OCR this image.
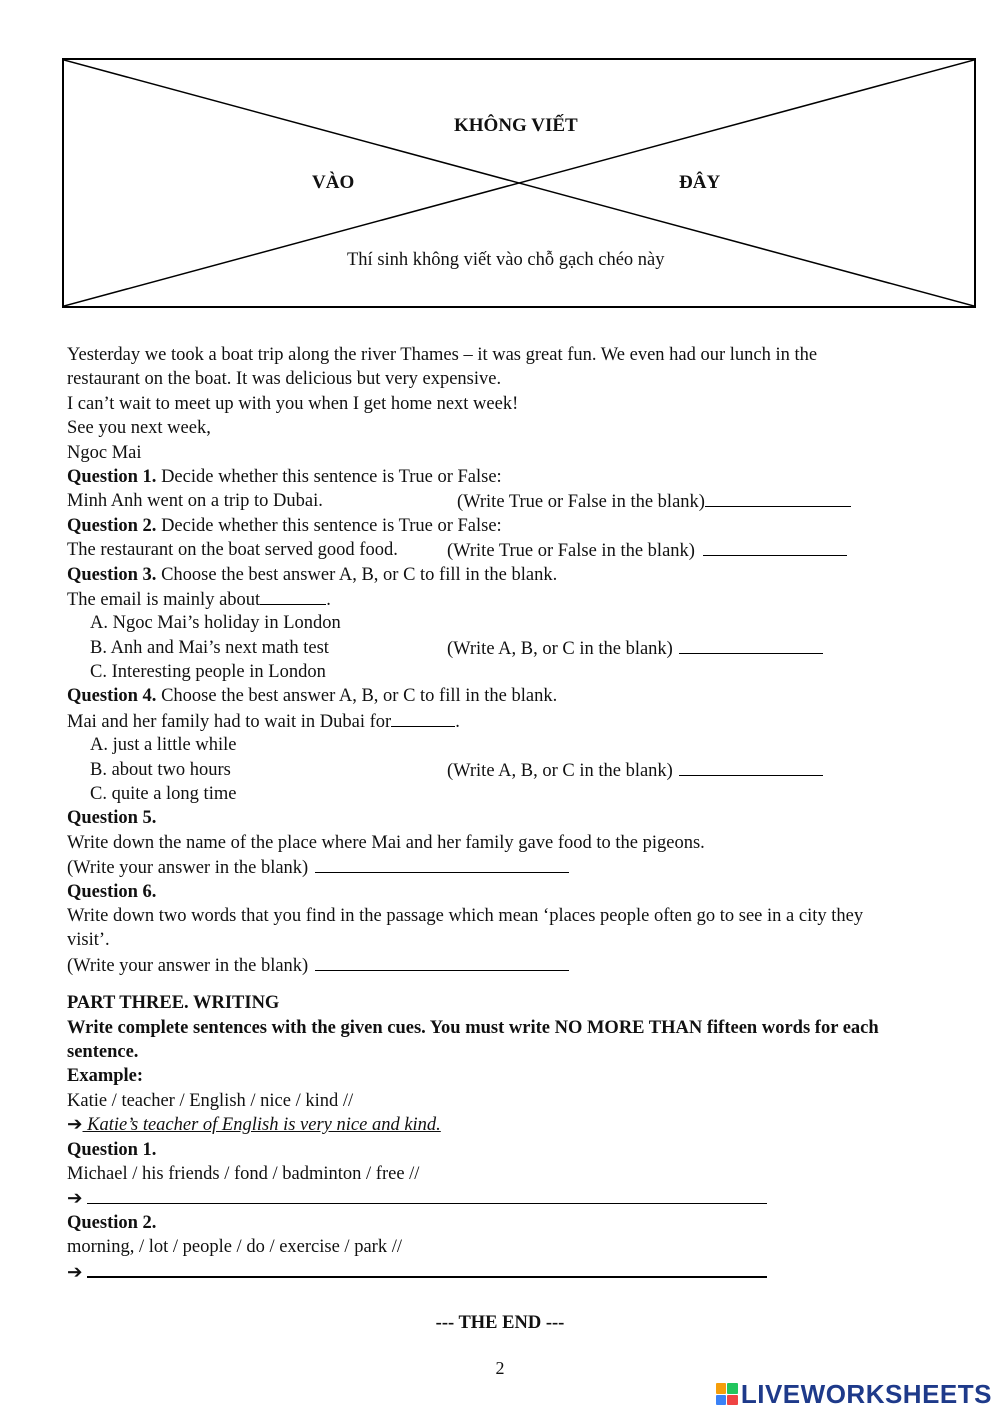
KHÔNG VIẾT
VÀO	ĐÂY
Thí sinh không viết vào chỗ gạch chéo này
Yesterday we took a boat trip along the river Thames – it was great fun. We even had our lunch in the
restaurant on the boat. It was delicious but very expensive.
I can’t wait to meet up with you when I get home next week!
See you next week,
Ngoc Mai
Question 1. Decide whether this sentence is True or False:
Minh Anh went on a trip to Dubai.	(Write True or False in the blank)
Question 2. Decide whether this sentence is True or False:
The restaurant on the boat served good food.	(Write True or False in the blank)
Question 3. Choose the best answer A, B, or C to fill in the blank.
The email is mainly about	.
A. Ngoc Mai’s holiday in London
B. Anh and Mai’s next math test	(Write A, B, or C in the blank)
C. Interesting people in London
Question 4. Choose the best answer A, B, or C to fill in the blank.
Mai and her family had to wait in Dubai for	.
A. just a little while
B. about two hours	(Write A, B, or C in the blank)
C. quite a long time
Question 5.
Write down the name of the place where Mai and her family gave food to the pigeons.
(Write your answer in the blank)
Question 6.
Write down two words that you find in the passage which mean ‘places people often go to see in a city they
visit’.
(Write your answer in the blank)
PART THREE. WRITING
Write complete sentences with the given cues. You must write NO MORE THAN fifteen words for each
sentence.
Example:
Katie / teacher / English / nice / kind //
➔ Katie’s teacher of English is very nice and kind.
Question 1.
Michael / his friends / fond / badminton / free //
➔
Question 2.
morning, / lot / people / do / exercise / park //
➔
--- THE END ---
2
LIVEWORKSHEETS
